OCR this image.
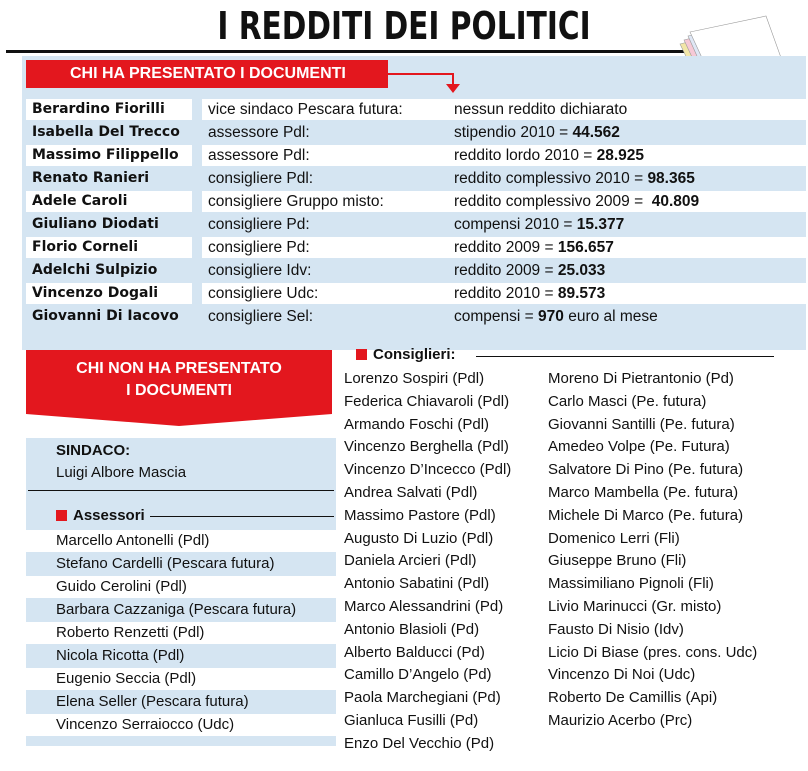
I REDDITI DEI POLITICI
CHI HA PRESENTATO I DOCUMENTI
Berardino Fiorilli	vice sindaco Pescara futura:	nessun reddito dichiarato
Isabella Del Trecco	assessore Pdl:	stipendio 2010 = 44.562
Massimo Filippello	assessore Pdl:	reddito lordo 2010 = 28.925
Renato Ranieri	consigliere Pdl:	reddito complessivo 2010 = 98.365
Adele Caroli	consigliere Gruppo misto:	reddito complessivo 2009 =  40.809
Giuliano Diodati	consigliere Pd:	compensi 2010 = 15.377
Florio Corneli	consigliere Pd:	reddito 2009 = 156.657
Adelchi Sulpizio	consigliere Idv:	reddito 2009 = 25.033
Vincenzo Dogali	consigliere Udc:	reddito 2010 = 89.573
Giovanni Di Iacovo	consigliere Sel:	compensi = 970 euro al mese
CHI NON HA PRESENTATO
I DOCUMENTI
SINDACO:
Luigi Albore Mascia
Assessori
Marcello Antonelli (Pdl)
Stefano Cardelli (Pescara futura)
Guido Cerolini (Pdl)
Barbara Cazzaniga (Pescara futura)
Roberto Renzetti (Pdl)
Nicola Ricotta (Pdl)
Eugenio Seccia (Pdl)
Elena Seller (Pescara futura)
Vincenzo Serraiocco (Udc)
Consiglieri:
Lorenzo Sospiri (Pdl)
Federica Chiavaroli (Pdl)
Armando Foschi (Pdl)
Vincenzo Berghella (Pdl)
Vincenzo D’Incecco (Pdl)
Andrea Salvati (Pdl)
Massimo Pastore (Pdl)
Augusto Di Luzio (Pdl)
Daniela Arcieri (Pdl)
Antonio Sabatini (Pdl)
Marco Alessandrini (Pd)
Antonio Blasioli (Pd)
Alberto Balducci (Pd)
Camillo D’Angelo (Pd)
Paola Marchegiani (Pd)
Gianluca Fusilli (Pd)
Enzo Del Vecchio (Pd)
Moreno Di Pietrantonio (Pd)
Carlo Masci (Pe. futura)
Giovanni Santilli (Pe. futura)
Amedeo Volpe (Pe. Futura)
Salvatore Di Pino (Pe. futura)
Marco Mambella (Pe. futura)
Michele Di Marco (Pe. futura)
Domenico Lerri (Fli)
Giuseppe Bruno (Fli)
Massimiliano Pignoli (Fli)
Livio Marinucci (Gr. misto)
Fausto Di Nisio (Idv)
Licio Di Biase (pres. cons. Udc)
Vincenzo Di Noi (Udc)
Roberto De Camillis (Api)
Maurizio Acerbo (Prc)
